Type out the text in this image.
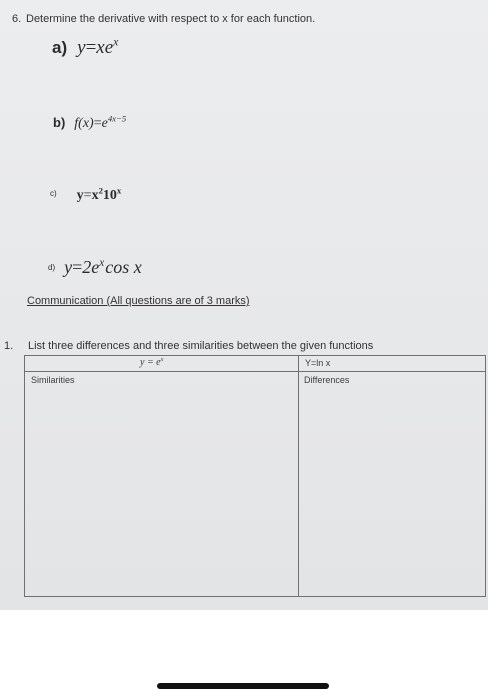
6. Determine the derivative with respect to x for each function.
a) $y=xe^x$
b) $f(x)=e^{4x-5}$
$^{c)}$ $y=x^210^x$
d) $y=2e^x\cos$ x
Communication (All questions are of 3 marks)
1. List three differences and three similarities between the given functions
$y = e^x$	Y=ln x
Similarities	Differences
